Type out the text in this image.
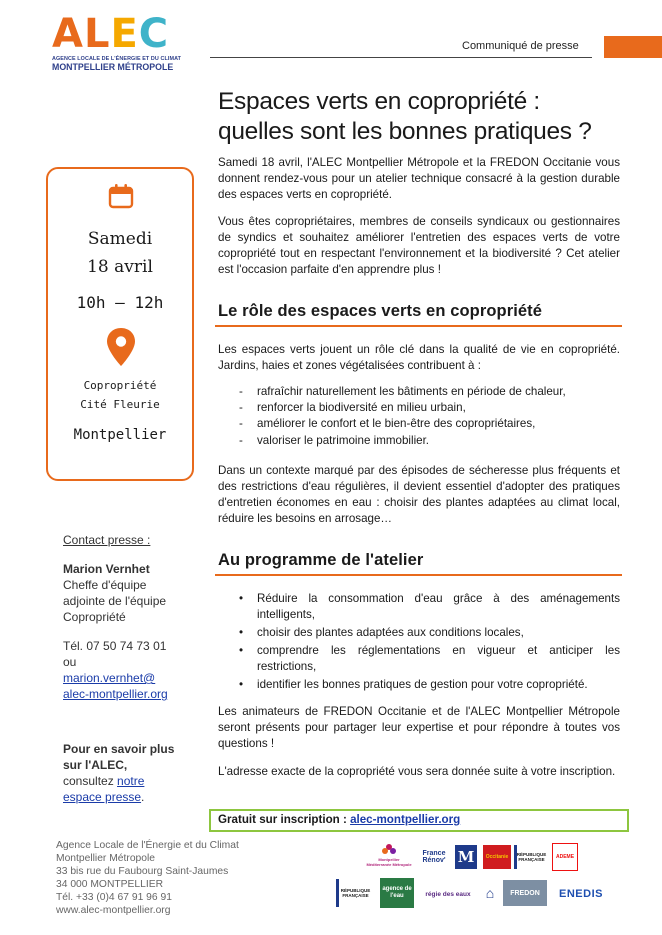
A L E C
AGENCE LOCALE DE L'ÉNERGIE ET DU CLIMAT
MONTPELLIER MÉTROPOLE
Communiqué de presse
Espaces verts en copropriété :
quelles sont les bonnes pratiques ?
Samedi
18 avril
10h – 12h
Copropriété
Cité Fleurie
Montpellier

Samedi 18 avril, l'ALEC Montpellier Métropole et la FREDON Occitanie vous donnent rendez-vous pour un atelier technique consacré à la gestion durable des espaces verts en copropriété.

Vous êtes copropriétaires, membres de conseils syndicaux ou gestionnaires de syndics et souhaitez améliorer l'entretien des espaces verts de votre copropriété tout en respectant l'environnement et la biodiversité ? Cet atelier est l'occasion parfaite d'en apprendre plus !

Le rôle des espaces verts en copropriété

Les espaces verts jouent un rôle clé dans la qualité de vie en copropriété. Jardins, haies et zones végétalisées contribuent à :

- rafraîchir naturellement les bâtiments en période de chaleur,
- renforcer la biodiversité en milieu urbain,
- améliorer le confort et le bien-être des copropriétaires,
- valoriser le patrimoine immobilier.

Dans un contexte marqué par des épisodes de sécheresse plus fréquents et des restrictions d'eau régulières, il devient essentiel d'adopter des pratiques d'entretien économes en eau : choisir des plantes adaptées au climat local, réduire les besoins en arrosage…

Au programme de l'atelier
• Réduire la consommation d'eau grâce à des aménagements intelligents,
• choisir des plantes adaptées aux conditions locales,
• comprendre les réglementations en vigueur et anticiper les restrictions,
• identifier les bonnes pratiques de gestion pour votre copropriété.

Les animateurs de FREDON Occitanie et de l'ALEC Montpellier Métropole seront présents pour partager leur expertise et pour répondre à toutes vos questions !

L'adresse exacte de la copropriété vous sera donnée suite à votre inscription.

Gratuit sur inscription : alec-montpellier.org
Contact presse :
Marion Vernhet
Cheffe d'équipe
adjointe de l'équipe
Copropriété
Tél. 07 50 74 73 01
ou
marion.vernhet@
alec-montpellier.org
Pour en savoir plus
sur l'ALEC,
consultez notre
espace presse.
Agence Locale de l'Énergie et du Climat
Montpellier Métropole
33 bis rue du Faubourg Saint-Jaumes
34 000 MONTPELLIER
Tél. +33 (0)4 67 91 96 91
www.alec-montpellier.org
Montpellier Méditerranée Métropole
France Rénov' M	Occitanie	RÉPUBLIQUE FRANÇAISE	ADEME
RÉPUBLIQUE FRANÇAISE
agence de l'eau	régie des eaux	⌂	FREDON	ENEDIS
